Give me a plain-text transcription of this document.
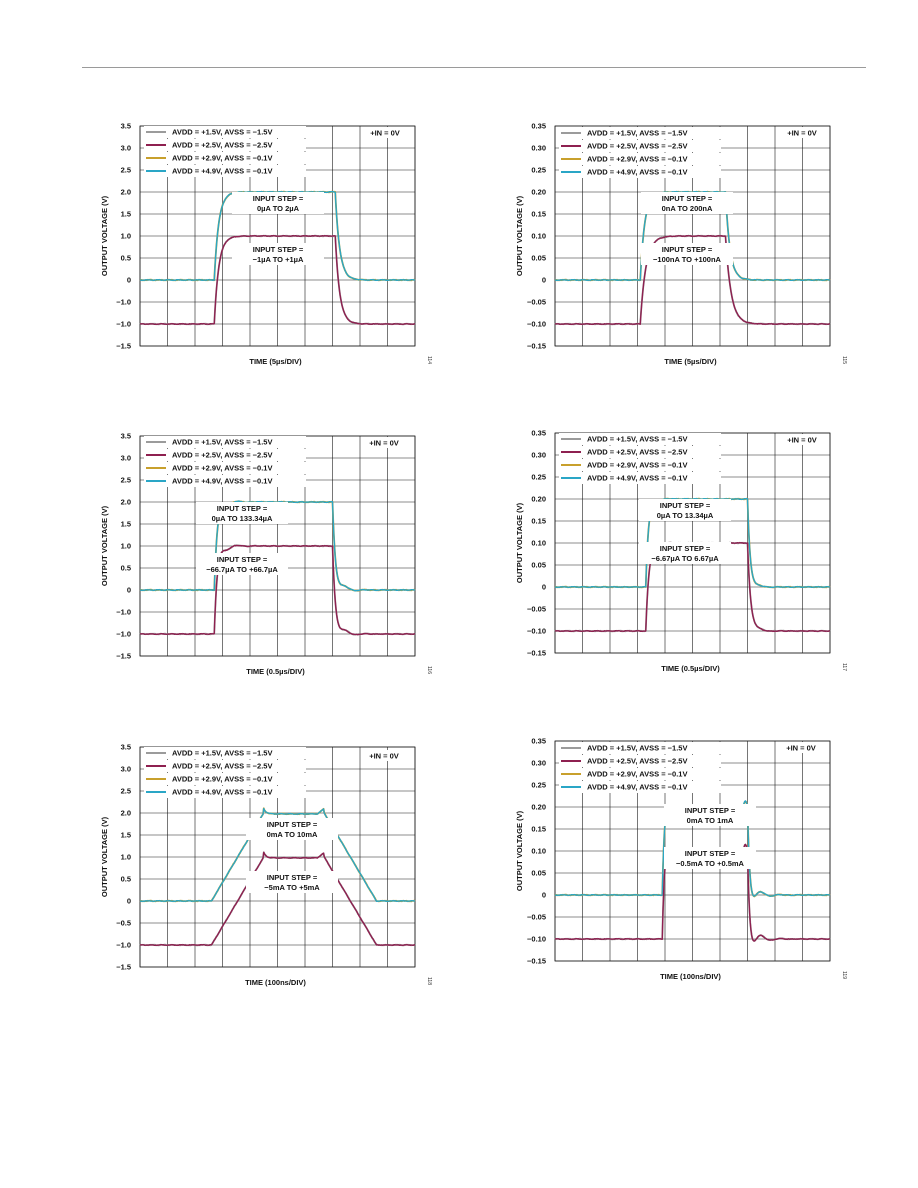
3.5
3.0
2.5
2.0
1.5
1.0
0.5
0
−1.0
−1.0
−1.5
OUTPUT VOLTAGE (V)
TIME (5µs/DIV)	114
AVDD = +1.5V, AVSS = −1.5V
AVDD = +2.5V, AVSS = −2.5V
AVDD = +2.9V, AVSS = −0.1V
AVDD = +4.9V, AVSS = −0.1V
+IN = 0V
INPUT STEP =
0µA TO 2µA
INPUT STEP =
−1µA TO +1µA
0.35
0.30
0.25
0.20
0.15
0.10
0.05
0
−0.05
−0.10
−0.15
OUTPUT VOLTAGE (V)
TIME (5µs/DIV)	115
AVDD = +1.5V, AVSS = −1.5V
AVDD = +2.5V, AVSS = −2.5V
AVDD = +2.9V, AVSS = −0.1V
AVDD = +4.9V, AVSS = −0.1V
+IN = 0V
INPUT STEP =
0nA TO 200nA
INPUT STEP =
−100nA TO +100nA
3.5
3.0
2.5
2.0
1.5
1.0
0.5
0
−1.0
−1.0
−1.5
OUTPUT VOLTAGE (V)
TIME (0.5µs/DIV)	116
AVDD = +1.5V, AVSS = −1.5V
AVDD = +2.5V, AVSS = −2.5V
AVDD = +2.9V, AVSS = −0.1V
AVDD = +4.9V, AVSS = −0.1V
+IN = 0V
INPUT STEP =
0µA TO 133.34µA
INPUT STEP =
−66.7µA TO +66.7µA
0.35
0.30
0.25
0.20
0.15
0.10
0.05
0
−0.05
−0.10
−0.15
OUTPUT VOLTAGE (V)
TIME (0.5µs/DIV)	117
AVDD = +1.5V, AVSS = −1.5V
AVDD = +2.5V, AVSS = −2.5V
AVDD = +2.9V, AVSS = −0.1V
AVDD = +4.9V, AVSS = −0.1V
+IN = 0V
INPUT STEP =
0µA TO 13.34µA
INPUT STEP =
−6.67µA TO 6.67µA
3.5
3.0
2.5
2.0
1.5
1.0
0.5
0
−0.5
−1.0
−1.5
OUTPUT VOLTAGE (V)
TIME (100ns/DIV)	118
AVDD = +1.5V, AVSS = −1.5V
AVDD = +2.5V, AVSS = −2.5V
AVDD = +2.9V, AVSS = −0.1V
AVDD = +4.9V, AVSS = −0.1V
+IN = 0V
INPUT STEP =
0mA TO 10mA
INPUT STEP =
−5mA TO +5mA
0.35
0.30
0.25
0.20
0.15
0.10
0.05
0
−0.05
−0.10
−0.15
OUTPUT VOLTAGE (V)
TIME (100ns/DIV)	119
AVDD = +1.5V, AVSS = −1.5V
AVDD = +2.5V, AVSS = −2.5V
AVDD = +2.9V, AVSS = −0.1V
AVDD = +4.9V, AVSS = −0.1V
+IN = 0V
INPUT STEP =
0mA TO 1mA
INPUT STEP =
−0.5mA TO +0.5mA
